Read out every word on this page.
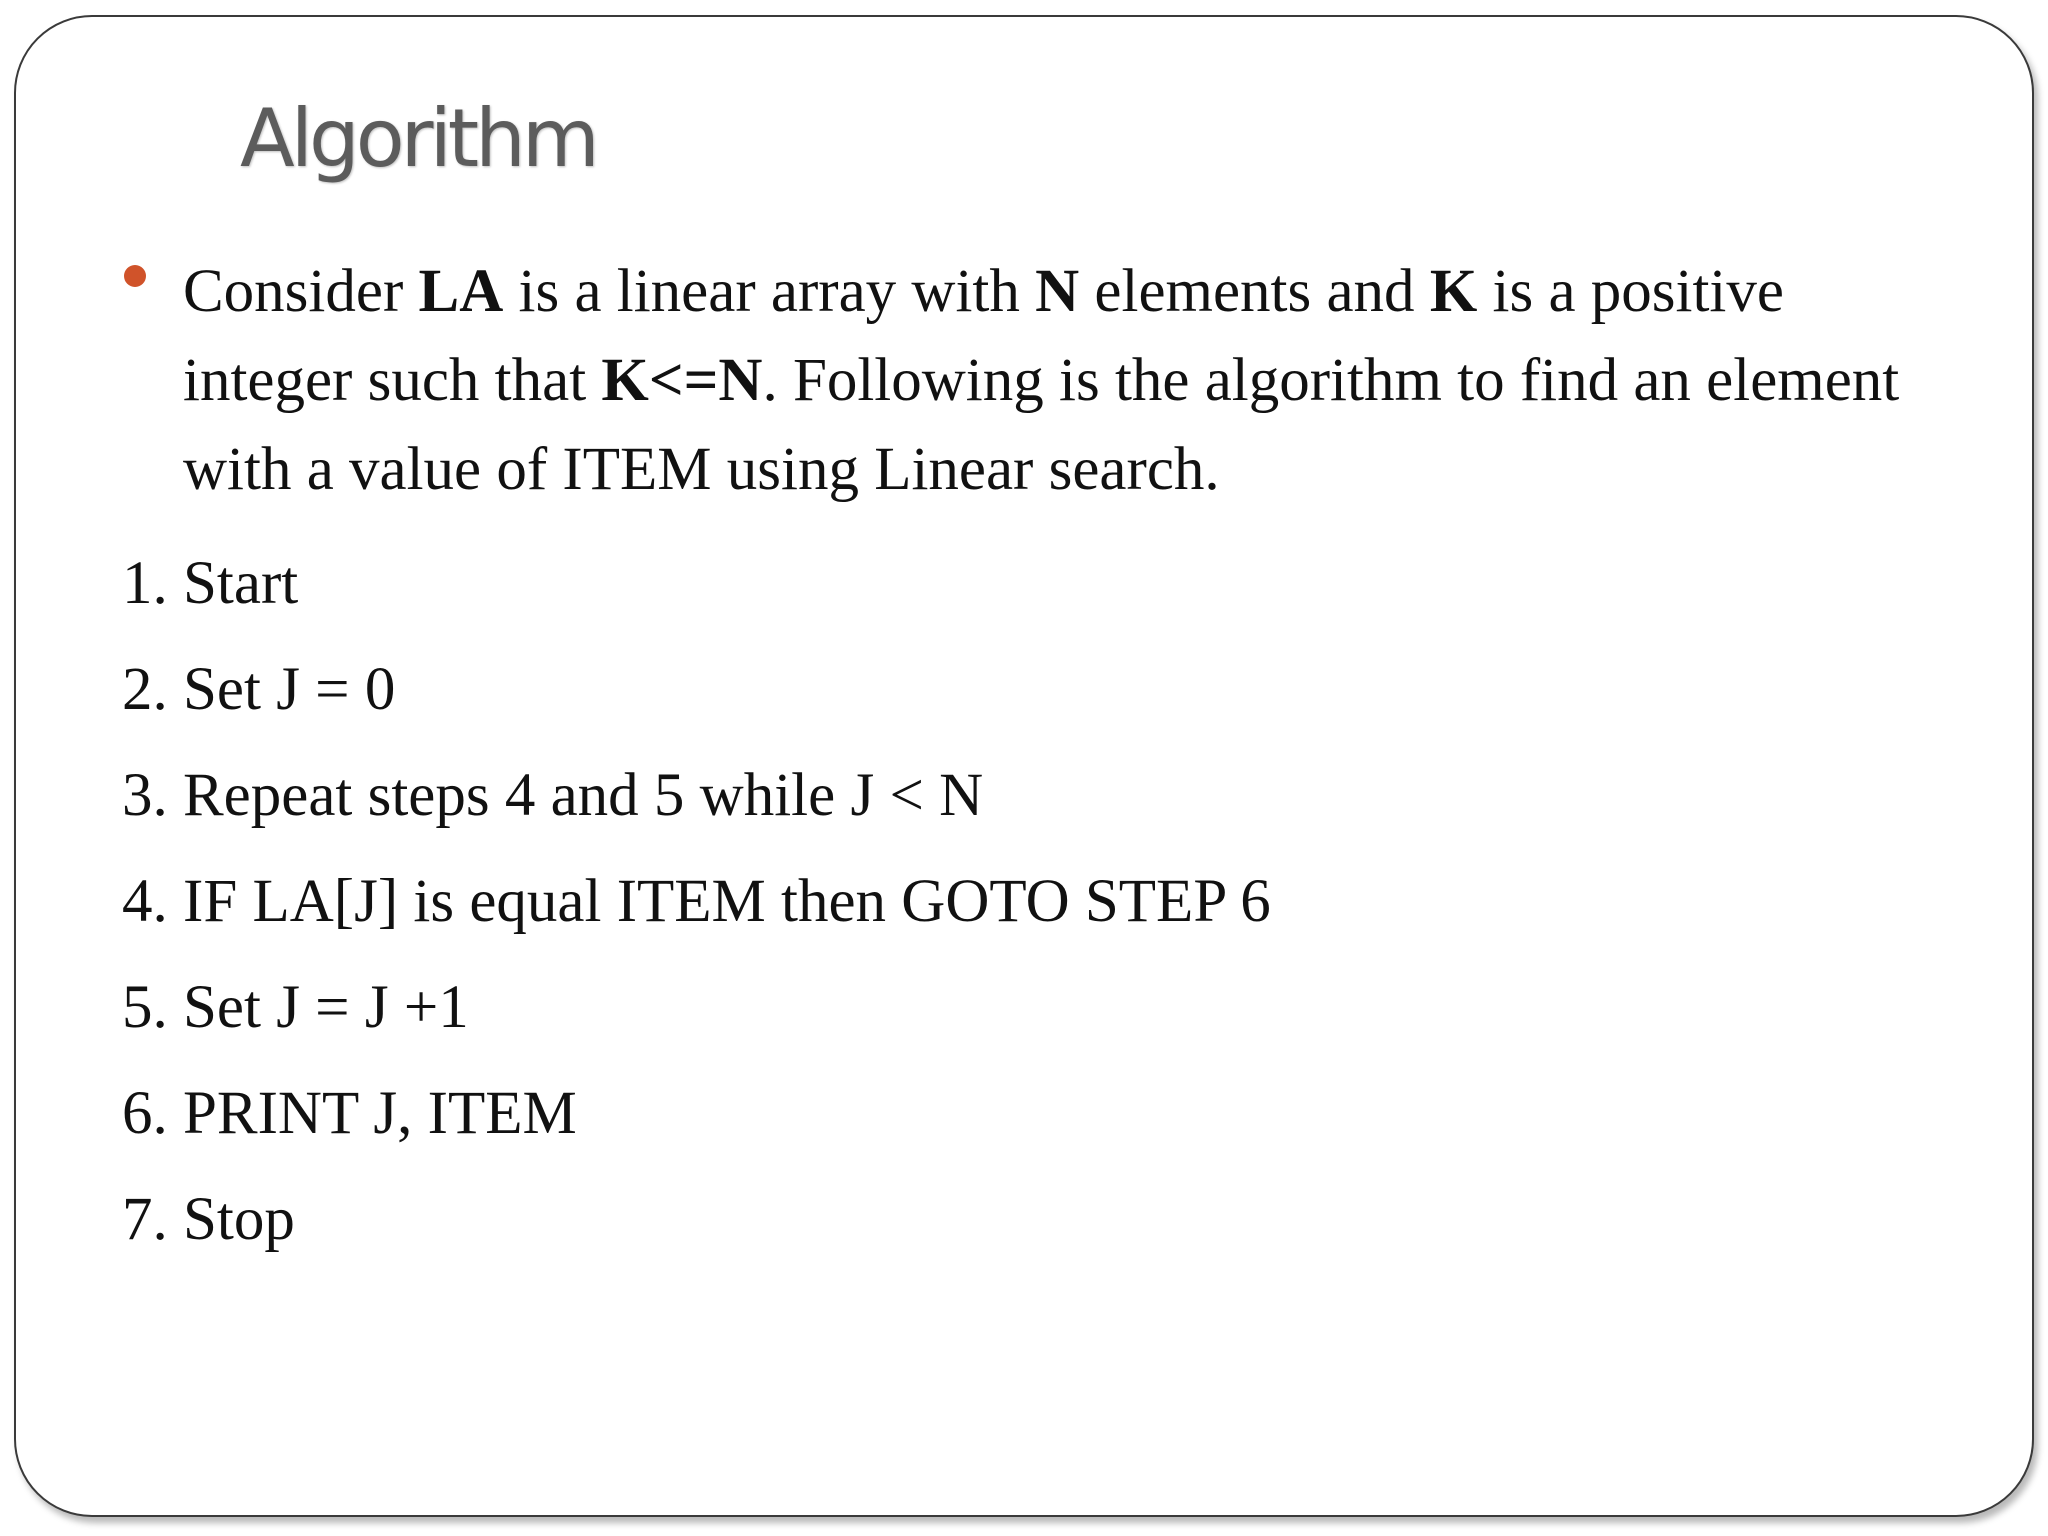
Algorithm

Consider LA is a linear array with N elements and K is a positive integer such that K<=N. Following is the algorithm to find an element with a value of ITEM using Linear search.

1. Start
2. Set J = 0
3. Repeat steps 4 and 5 while J < N
4. IF LA[J] is equal ITEM then GOTO STEP 6
5. Set J = J +1
6. PRINT J, ITEM
7. Stop
